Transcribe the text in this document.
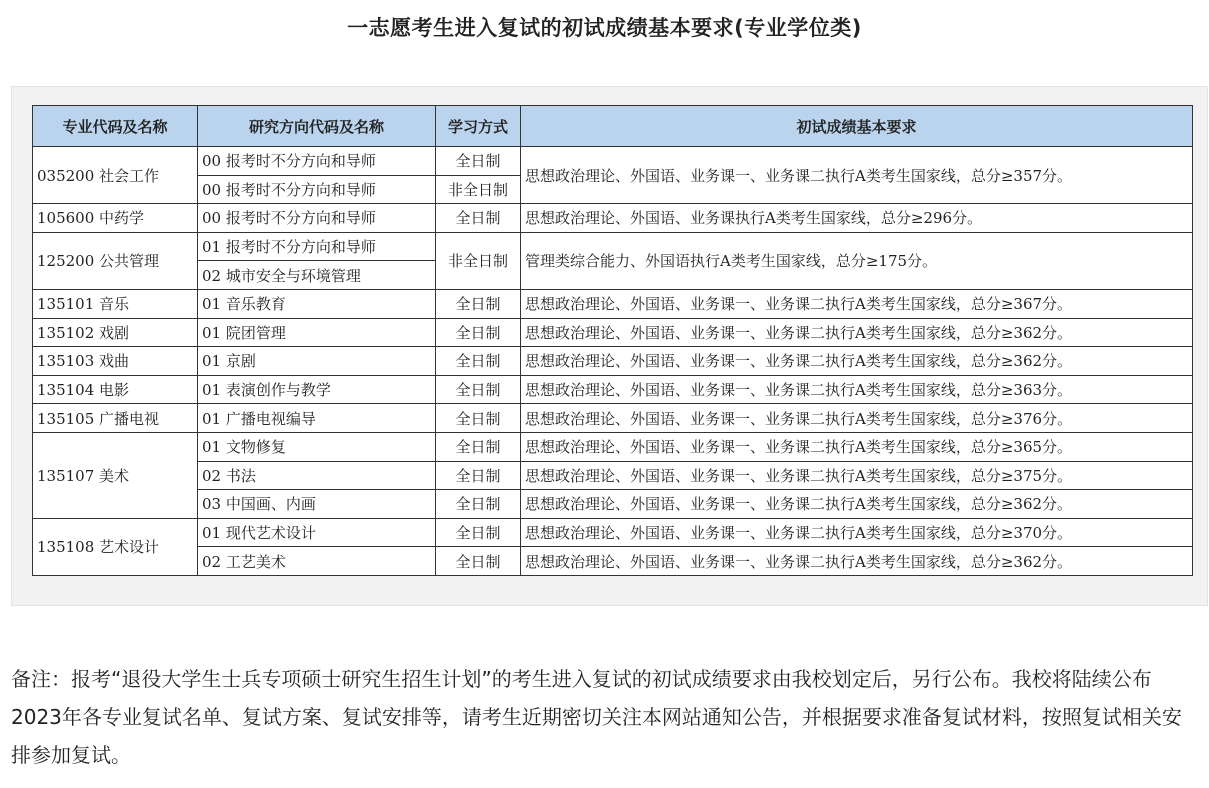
一志愿考生进入复试的初试成绩基本要求(专业学位类)
专业代码及名称	研究方向代码及名称	学习方式	初试成绩基本要求
035200 社会工作	00 报考时不分方向和导师	全日制	思想政治理论、外国语、业务课一、业务课二执行A类考生国家线，总分≥357分。
	00 报考时不分方向和导师	非全日制	
105600 中药学	00 报考时不分方向和导师	全日制	思想政治理论、外国语、业务课执行A类考生国家线，总分≥296分。
125200 公共管理	01 报考时不分方向和导师	非全日制	管理类综合能力、外国语执行A类考生国家线，总分≥175分。
	02 城市安全与环境管理		
135101 音乐	01 音乐教育	全日制	思想政治理论、外国语、业务课一、业务课二执行A类考生国家线，总分≥367分。
135102 戏剧	01 院团管理	全日制	思想政治理论、外国语、业务课一、业务课二执行A类考生国家线，总分≥362分。
135103 戏曲	01 京剧	全日制	思想政治理论、外国语、业务课一、业务课二执行A类考生国家线，总分≥362分。
135104 电影	01 表演创作与教学	全日制	思想政治理论、外国语、业务课一、业务课二执行A类考生国家线，总分≥363分。
135105 广播电视	01 广播电视编导	全日制	思想政治理论、外国语、业务课一、业务课二执行A类考生国家线，总分≥376分。
135107 美术	01 文物修复	全日制	思想政治理论、外国语、业务课一、业务课二执行A类考生国家线，总分≥365分。
	02 书法	全日制	思想政治理论、外国语、业务课一、业务课二执行A类考生国家线，总分≥375分。
	03 中国画、内画	全日制	思想政治理论、外国语、业务课一、业务课二执行A类考生国家线，总分≥362分。
135108 艺术设计	01 现代艺术设计	全日制	思想政治理论、外国语、业务课一、业务课二执行A类考生国家线，总分≥370分。
	02 工艺美术	全日制	思想政治理论、外国语、业务课一、业务课二执行A类考生国家线，总分≥362分。

备注：报考“退役大学生士兵专项硕士研究生招生计划”的考生进入复试的初试成绩要求由我校划定后，另行公布。我校将陆续公布2023年各专业复试名单、复试方案、复试安排等，请考生近期密切关注本网站通知公告，并根据要求准备复试材料，按照复试相关安排参加复试。
